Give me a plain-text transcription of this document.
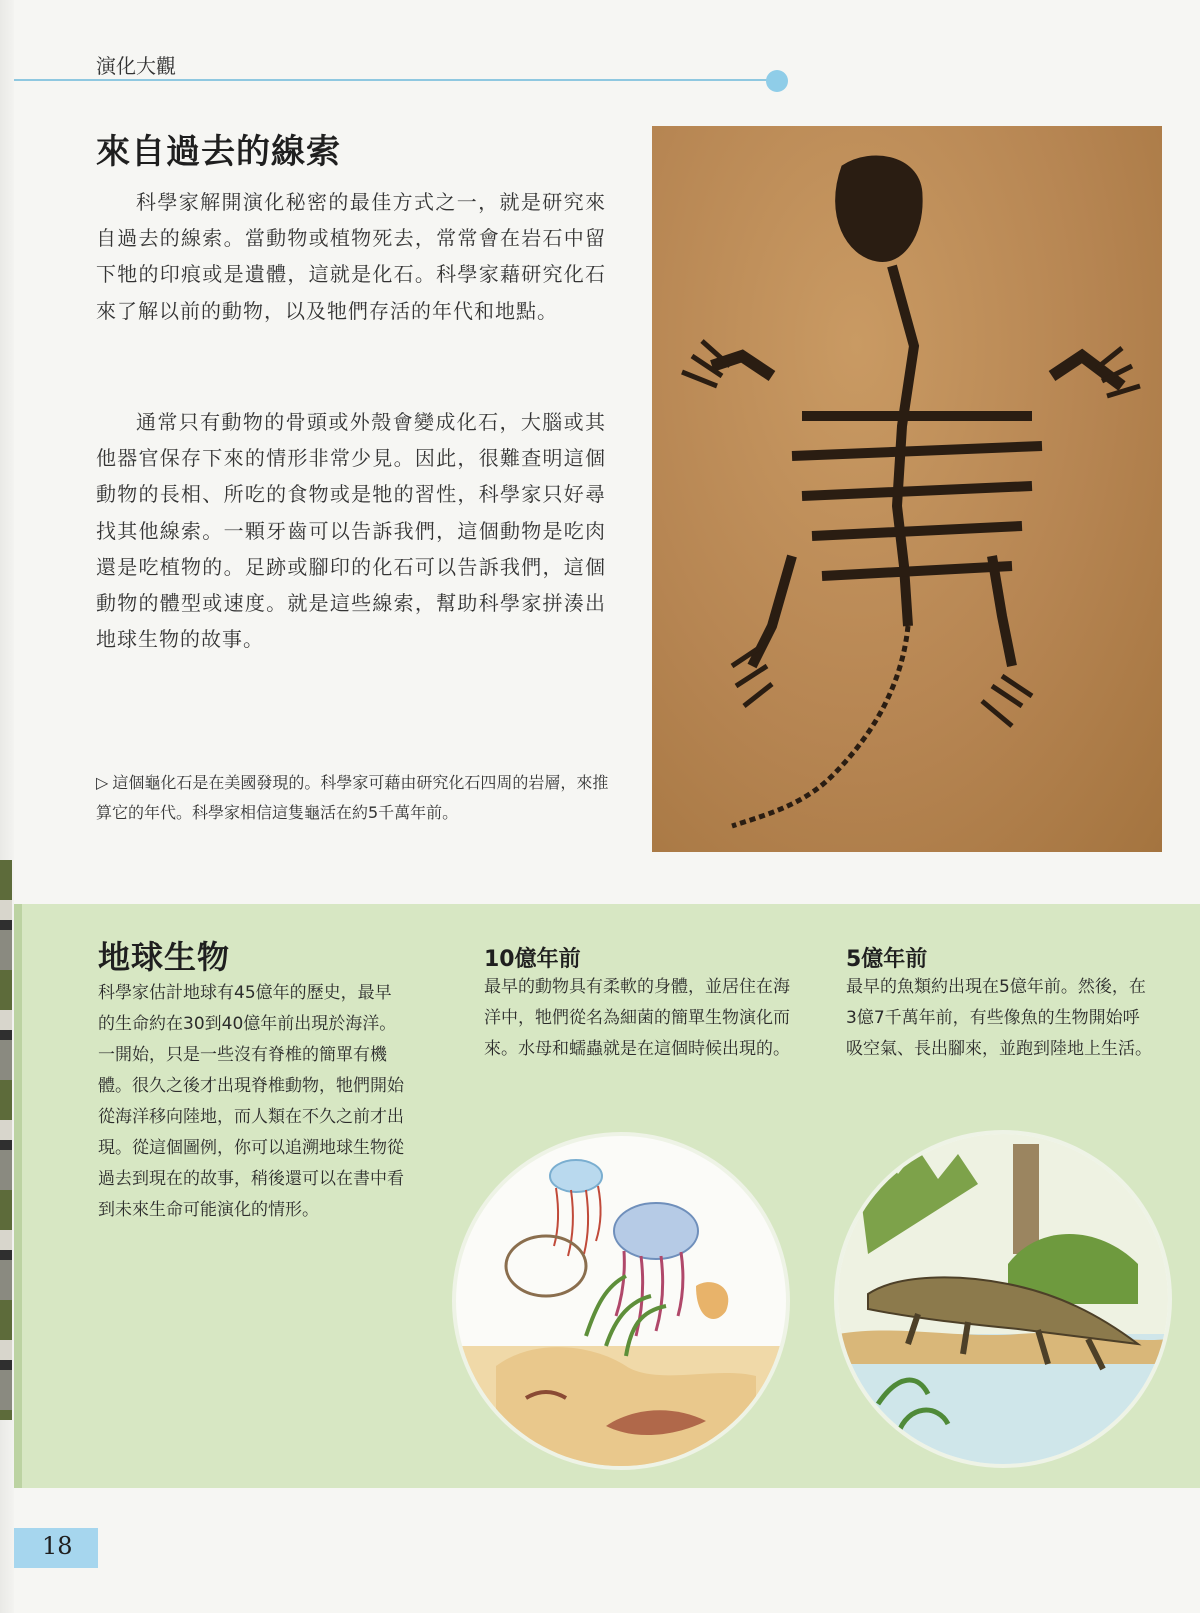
演化大觀
來自過去的線索

科學家解開演化秘密的最佳方式之一，就是研究來自過去的線索。當動物或植物死去，常常會在岩石中留下牠的印痕或是遺體，這就是化石。科學家藉研究化石來了解以前的動物，以及牠們存活的年代和地點。

通常只有動物的骨頭或外殼會變成化石，大腦或其他器官保存下來的情形非常少見。因此，很難查明這個動物的長相、所吃的食物或是牠的習性，科學家只好尋找其他線索。一顆牙齒可以告訴我們，這個動物是吃肉還是吃植物的。足跡或腳印的化石可以告訴我們，這個動物的體型或速度。就是這些線索，幫助科學家拼湊出地球生物的故事。

▷ 這個龜化石是在美國發現的。科學家可藉由研究化石四周的岩層，來推算它的年代。科學家相信這隻龜活在約5千萬年前。
地球生物
科學家估計地球有45億年的歷史，最早的生命約在30到40億年前出現於海洋。一開始，只是一些沒有脊椎的簡單有機體。很久之後才出現脊椎動物，牠們開始從海洋移向陸地，而人類在不久之前才出現。從這個圖例，你可以追溯地球生物從過去到現在的故事，稍後還可以在書中看到未來生命可能演化的情形。
10億年前
最早的動物具有柔軟的身體，並居住在海洋中，牠們從名為細菌的簡單生物演化而來。水母和蠕蟲就是在這個時候出現的。
5億年前
最早的魚類約出現在5億年前。然後，在3億7千萬年前，有些像魚的生物開始呼吸空氣、長出腳來，並跑到陸地上生活。
18
